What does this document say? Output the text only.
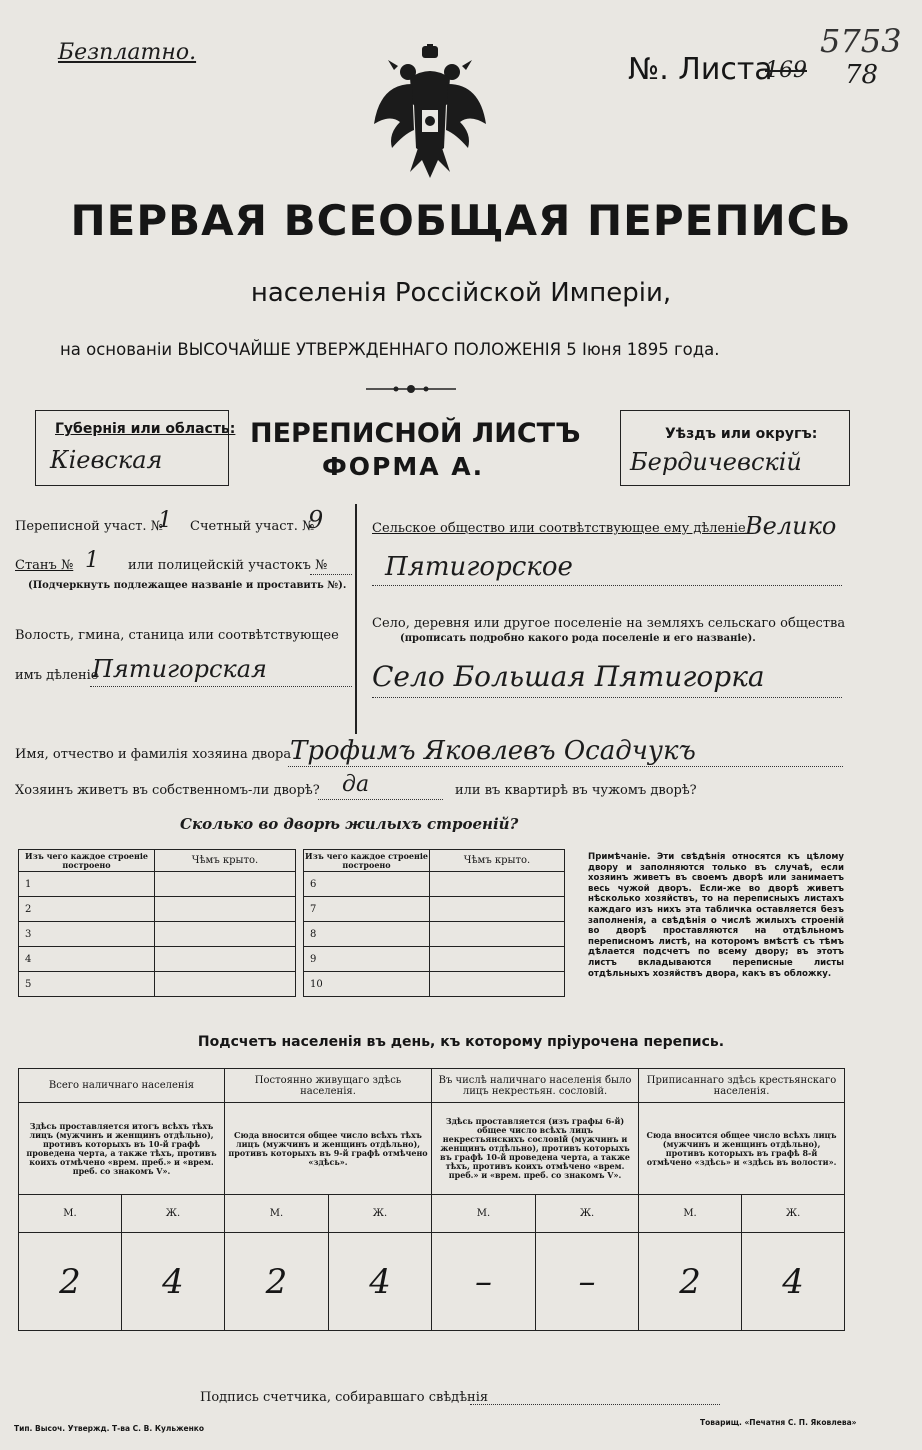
Безплатно.	№. Листа
169 78
5753
ПЕРВАЯ ВСЕОБЩАЯ ПЕРЕПИСЬ
населенія Россійской Имперіи,
на основаніи ВЫСОЧАЙШЕ УТВЕРЖДЕННАГО ПОЛОЖЕНІЯ 5 Іюня 1895 года.
Губернія или область:
Кіевская
ПЕРЕПИСНОЙ ЛИСТЪ
ФОРМА А.
Уѣздъ или округъ:
Бердичевскій
Переписной участ. №
1 Счетный участ. №
9
Станъ № 1 или полицейскій участокъ №
(Подчеркнуть подлежащее названіе и проставить №).
Волость, гмина, станица или соотвѣтствующее
имъ дѣленіе
Пятигорская
Сельское общество или соотвѣтствующее ему дѣленіе Велико
Пятигорское
Село, деревня или другое поселеніе на земляхъ сельскаго общества
(прописать подробно какого рода поселеніе и его названіе).
Село Большая Пятигорка
Имя, отчество и фамилія хозяина двора
Трофимъ Яковлевъ Осадчукъ
Хозяинъ живетъ въ собственномъ-ли дворѣ? да	или въ квартирѣ въ чужомъ дворѣ?
Сколько во дворѣ жилыхъ строеній?
Изъ чего каждое строеніе построено	Чѣмъ крыто.
1	
2	
3	
4	
5	
Изъ чего каждое строеніе построено	Чѣмъ крыто.
6	
7	
8	
9	
10	
Примѣчаніе. Эти свѣдѣнія относятся къ цѣлому двору и заполняются только въ случаѣ, если хозяинъ живетъ въ своемъ дворѣ или занимаетъ весь чужой дворъ. Если-же во дворѣ живетъ нѣсколько хозяйствъ, то на переписныхъ листахъ каждаго изъ нихъ эта табличка оставляется безъ заполненія, а свѣдѣнія о числѣ жилыхъ строеній во дворѣ проставляются на отдѣльномъ переписномъ листѣ, на которомъ вмѣстѣ съ тѣмъ дѣлается подсчетъ по всему двору; въ этотъ листъ вкладываются переписные листы отдѣльныхъ хозяйствъ двора, какъ въ обложку.
Подсчетъ населенія въ день, къ которому пріурочена перепись.
Всего наличнаго населенія		Постоянно живущаго здѣсь населенія.		Въ числѣ наличнаго населенія было лицъ некрестьян. сословій.		Приписаннаго здѣсь крестьянскаго населенія.	
Здѣсь проставляется итогъ всѣхъ тѣхъ лицъ (мужчинъ и женщинъ отдѣльно), противъ которыхъ въ 10-й графѣ проведена черта, а также тѣхъ, противъ коихъ отмѣчено «врем. преб.» и «врем. преб. со знакомъ V».		Сюда вносится общее число всѣхъ тѣхъ лицъ (мужчинъ и женщинъ отдѣльно), противъ которыхъ въ 9-й графѣ отмѣчено «здѣсь».		Здѣсь проставляется (изъ графы 6-й) общее число всѣхъ лицъ некрестьянскихъ сословій (мужчинъ и женщинъ отдѣльно), противъ которыхъ въ графѣ 10-й проведена черта, а также тѣхъ, противъ коихъ отмѣчено «врем. преб.» и «врем. преб. со знакомъ V».		Сюда вносится общее число всѣхъ лицъ (мужчинъ и женщинъ отдѣльно), противъ которыхъ въ графѣ 8-й отмѣчено «здѣсь» и «здѣсь въ волости».	
М.	Ж.	М.	Ж.	М.	Ж.	М.	Ж.
2	4	2	4	–	–	2	4
Подпись счетчика, собиравшаго свѣдѣнія
Тип. Высоч. Утвержд. Т-ва С. В. Кульженко
Товарищ. «Печатня С. П. Яковлева»
